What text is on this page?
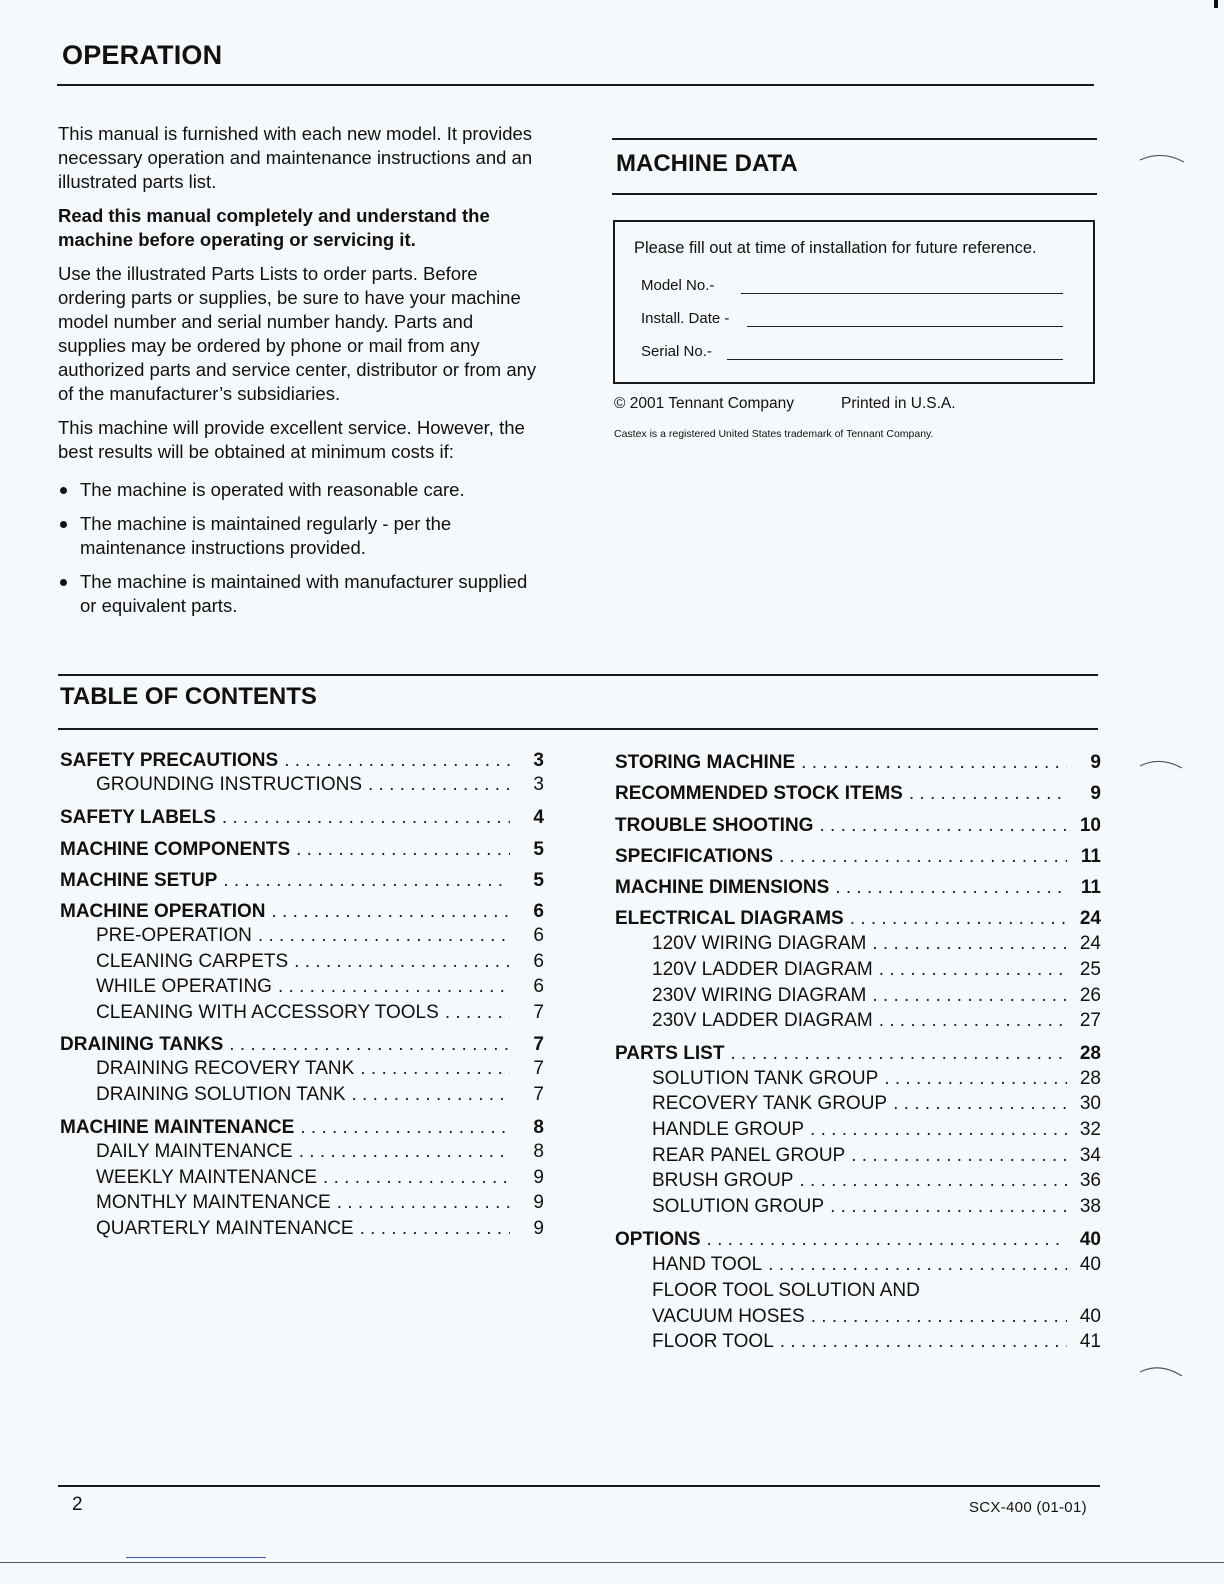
OPERATION

This manual is furnished with each new model. It provides necessary operation and maintenance instructions and an illustrated parts list.

Read this manual completely and understand the machine before operating or servicing it.

Use the illustrated Parts Lists to order parts. Before ordering parts or supplies, be sure to have your machine model number and serial number handy. Parts and supplies may be ordered by phone or mail from any authorized parts and service center, distributor or from any of the manufacturer’s subsidiaries.

This machine will provide excellent service. However, the best results will be obtained at minimum costs if:

The machine is operated with reasonable care.
The machine is maintained regularly - per the maintenance instructions provided.
The machine is maintained with manufacturer supplied or equivalent parts.
MACHINE DATA
Please fill out at time of installation for future reference.
Model No.-
Install. Date -
Serial No.-
© 2001 Tennant Company	Printed in U.S.A.
Castex is a registered United States trademark of Tennant Company.
TABLE OF CONTENTS
SAFETY PRECAUTIONS . . .	3
GROUNDING INSTRUCTIONS . . .	3
SAFETY LABELS . . .	4
MACHINE COMPONENTS . . .	5
MACHINE SETUP . . .	5
MACHINE OPERATION . . .	6
PRE-OPERATION . . .	6
CLEANING CARPETS . . .	6
WHILE OPERATING . . .	6
CLEANING WITH ACCESSORY TOOLS . . .	7
DRAINING TANKS . . .	7
DRAINING RECOVERY TANK . . .	7
DRAINING SOLUTION TANK . . .	7
MACHINE MAINTENANCE . . .	8
DAILY MAINTENANCE . . .	8
WEEKLY MAINTENANCE . . .	9
MONTHLY MAINTENANCE . . .	9
QUARTERLY MAINTENANCE . . .	9
STORING MACHINE . . .	9
RECOMMENDED STOCK ITEMS . . .	9
TROUBLE SHOOTING . . .	10
SPECIFICATIONS . . .	11
MACHINE DIMENSIONS . . .	11
ELECTRICAL DIAGRAMS . . .	24
120V WIRING DIAGRAM . . .	24
120V LADDER DIAGRAM . . .	25
230V WIRING DIAGRAM . . .	26
230V LADDER DIAGRAM . . .	27
PARTS LIST . . .	28
SOLUTION TANK GROUP . . .	28
RECOVERY TANK GROUP . . .	30
HANDLE GROUP . . .	32
REAR PANEL GROUP . . .	34
BRUSH GROUP . . .	36
SOLUTION GROUP . . .	38
OPTIONS . . .	40
HAND TOOL . . .	40
FLOOR TOOL SOLUTION AND
VACUUM HOSES . . .	40
FLOOR TOOL . . .	41
2	SCX-400 (01-01)
